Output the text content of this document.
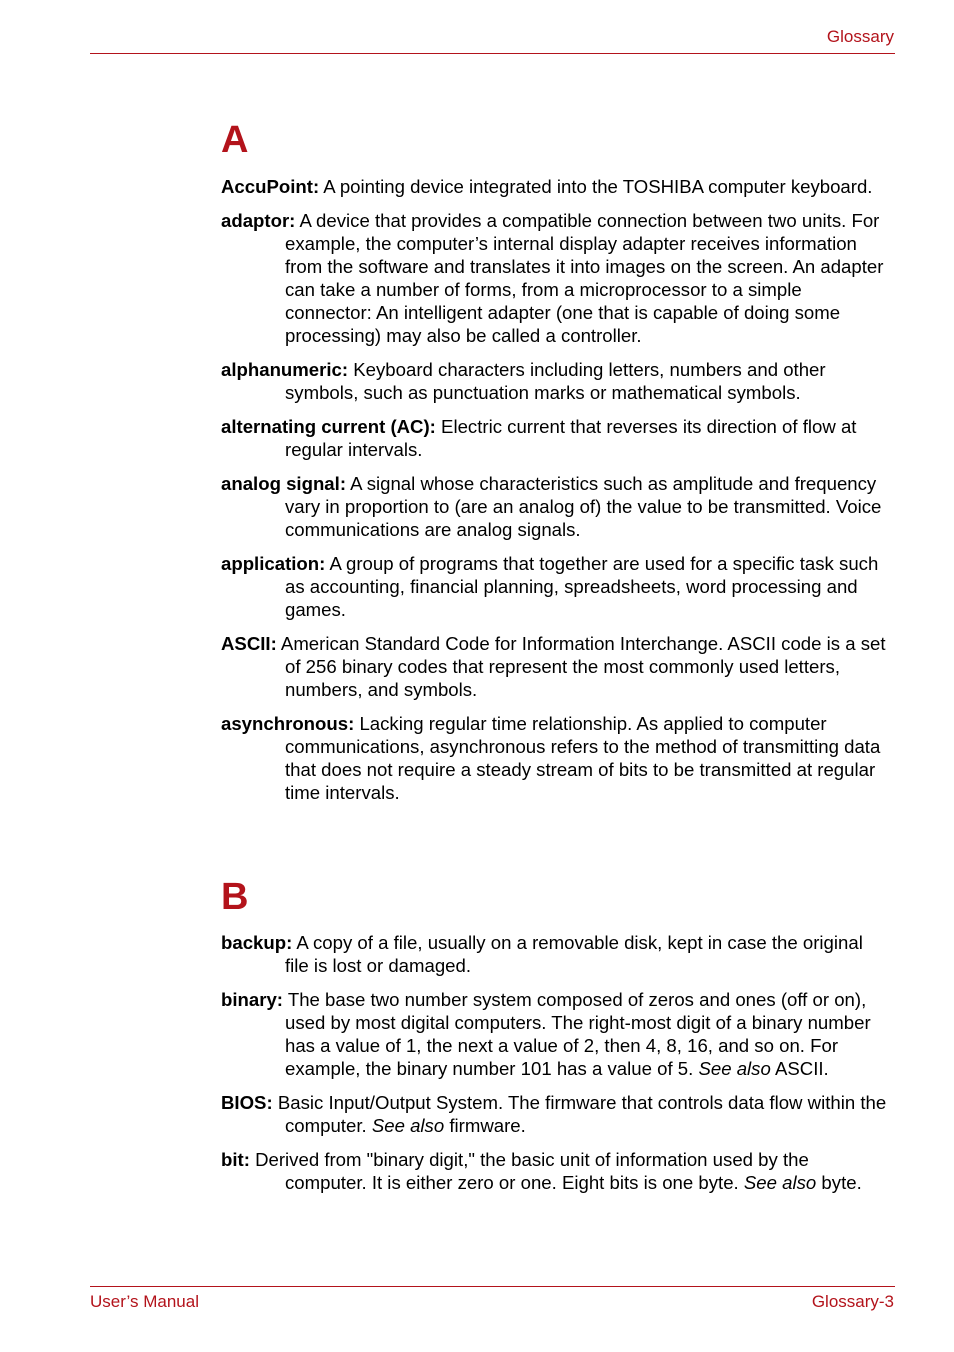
Glossary
A

AccuPoint: A pointing device integrated into the TOSHIBA computer keyboard.

adaptor: A device that provides a compatible connection between two units. For example, the computer’s internal display adapter receives information from the software and translates it into images on the screen. An adapter can take a number of forms, from a microprocessor to a simple connector: An intelligent adapter (one that is capable of doing some processing) may also be called a controller.

alphanumeric: Keyboard characters including letters, numbers and other symbols, such as punctuation marks or mathematical symbols.

alternating current (AC): Electric current that reverses its direction of flow at regular intervals.

analog signal: A signal whose characteristics such as amplitude and frequency vary in proportion to (are an analog of) the value to be transmitted. Voice communications are analog signals.

application: A group of programs that together are used for a specific task such as accounting, financial planning, spreadsheets, word processing and games.

ASCII: American Standard Code for Information Interchange. ASCII code is a set of 256 binary codes that represent the most commonly used letters, numbers, and symbols.

asynchronous: Lacking regular time relationship. As applied to computer communications, asynchronous refers to the method of transmitting data that does not require a steady stream of bits to be transmitted at regular time intervals.

B

backup: A copy of a file, usually on a removable disk, kept in case the original file is lost or damaged.

binary: The base two number system composed of zeros and ones (off or on), used by most digital computers. The right-most digit of a binary number has a value of 1, the next a value of 2, then 4, 8, 16, and so on. For example, the binary number 101 has a value of 5. See also ASCII.

BIOS: Basic Input/Output System. The firmware that controls data flow within the computer. See also firmware.

bit: Derived from "binary digit," the basic unit of information used by the computer. It is either zero or one. Eight bits is one byte. See also byte.

User’s Manual	Glossary-3
